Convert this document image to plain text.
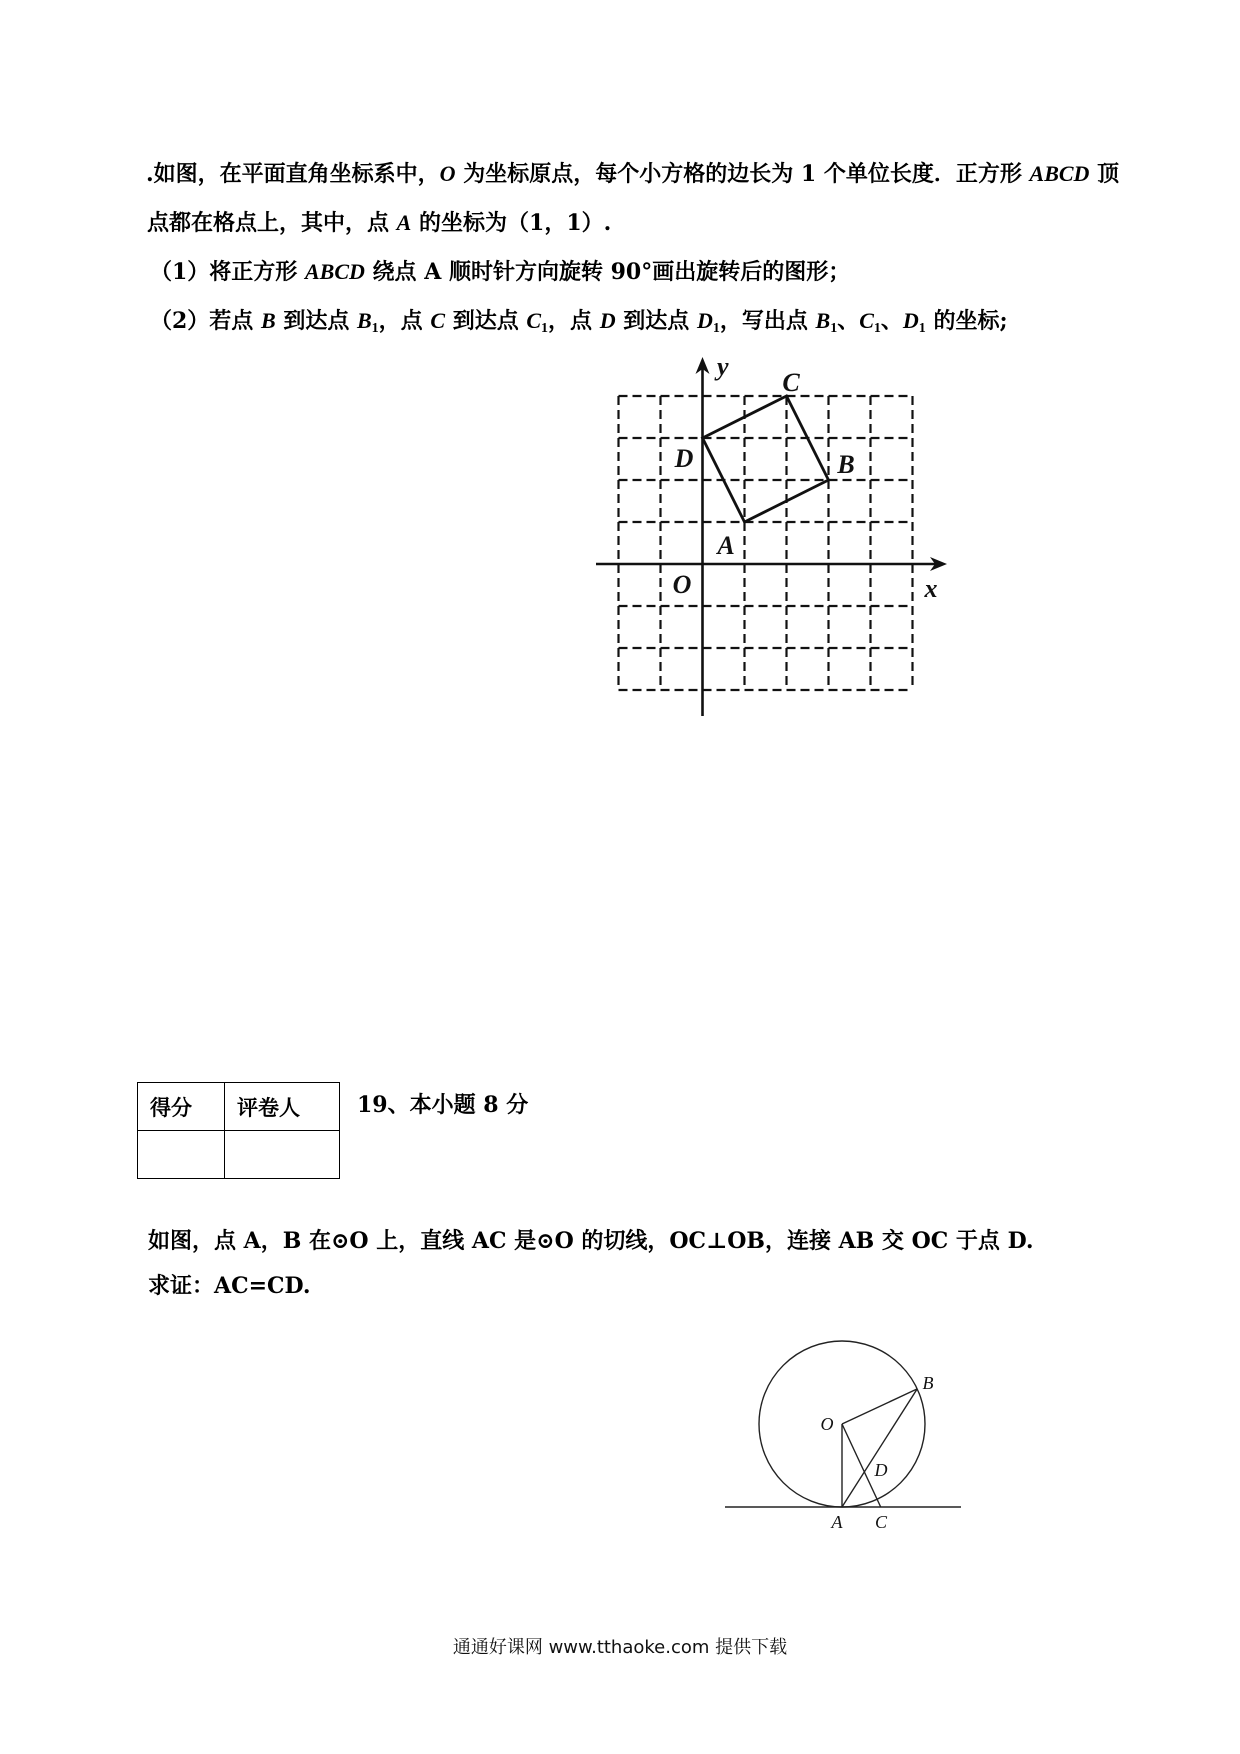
.如图，在平面直角坐标系中，O 为坐标原点，每个小方格的边长为 1 个单位长度．正方形 ABCD 顶
点都在格点上，其中，点 A 的坐标为（1，1）.
（1）将正方形 ABCD 绕点 A 顺时针方向旋转 90°画出旋转后的图形；
（2）若点 B 到达点 $B_1$，点 C 到达点 $C_1$，点 D 到达点 $D_1$，写出点 $B_1$、$C_1$、$D_1$ 的坐标;
y
x
O
A
B
C
D
得分	评卷人
		19、本小题 8 分
如图，点 A，B 在⊙O 上，直线 AC 是⊙O 的切线，OC⊥OB，连接 AB 交 OC 于点 D.
求证：AC=CD.
O
B
D
A C
通通好课网 www.tthaoke.com 提供下载
